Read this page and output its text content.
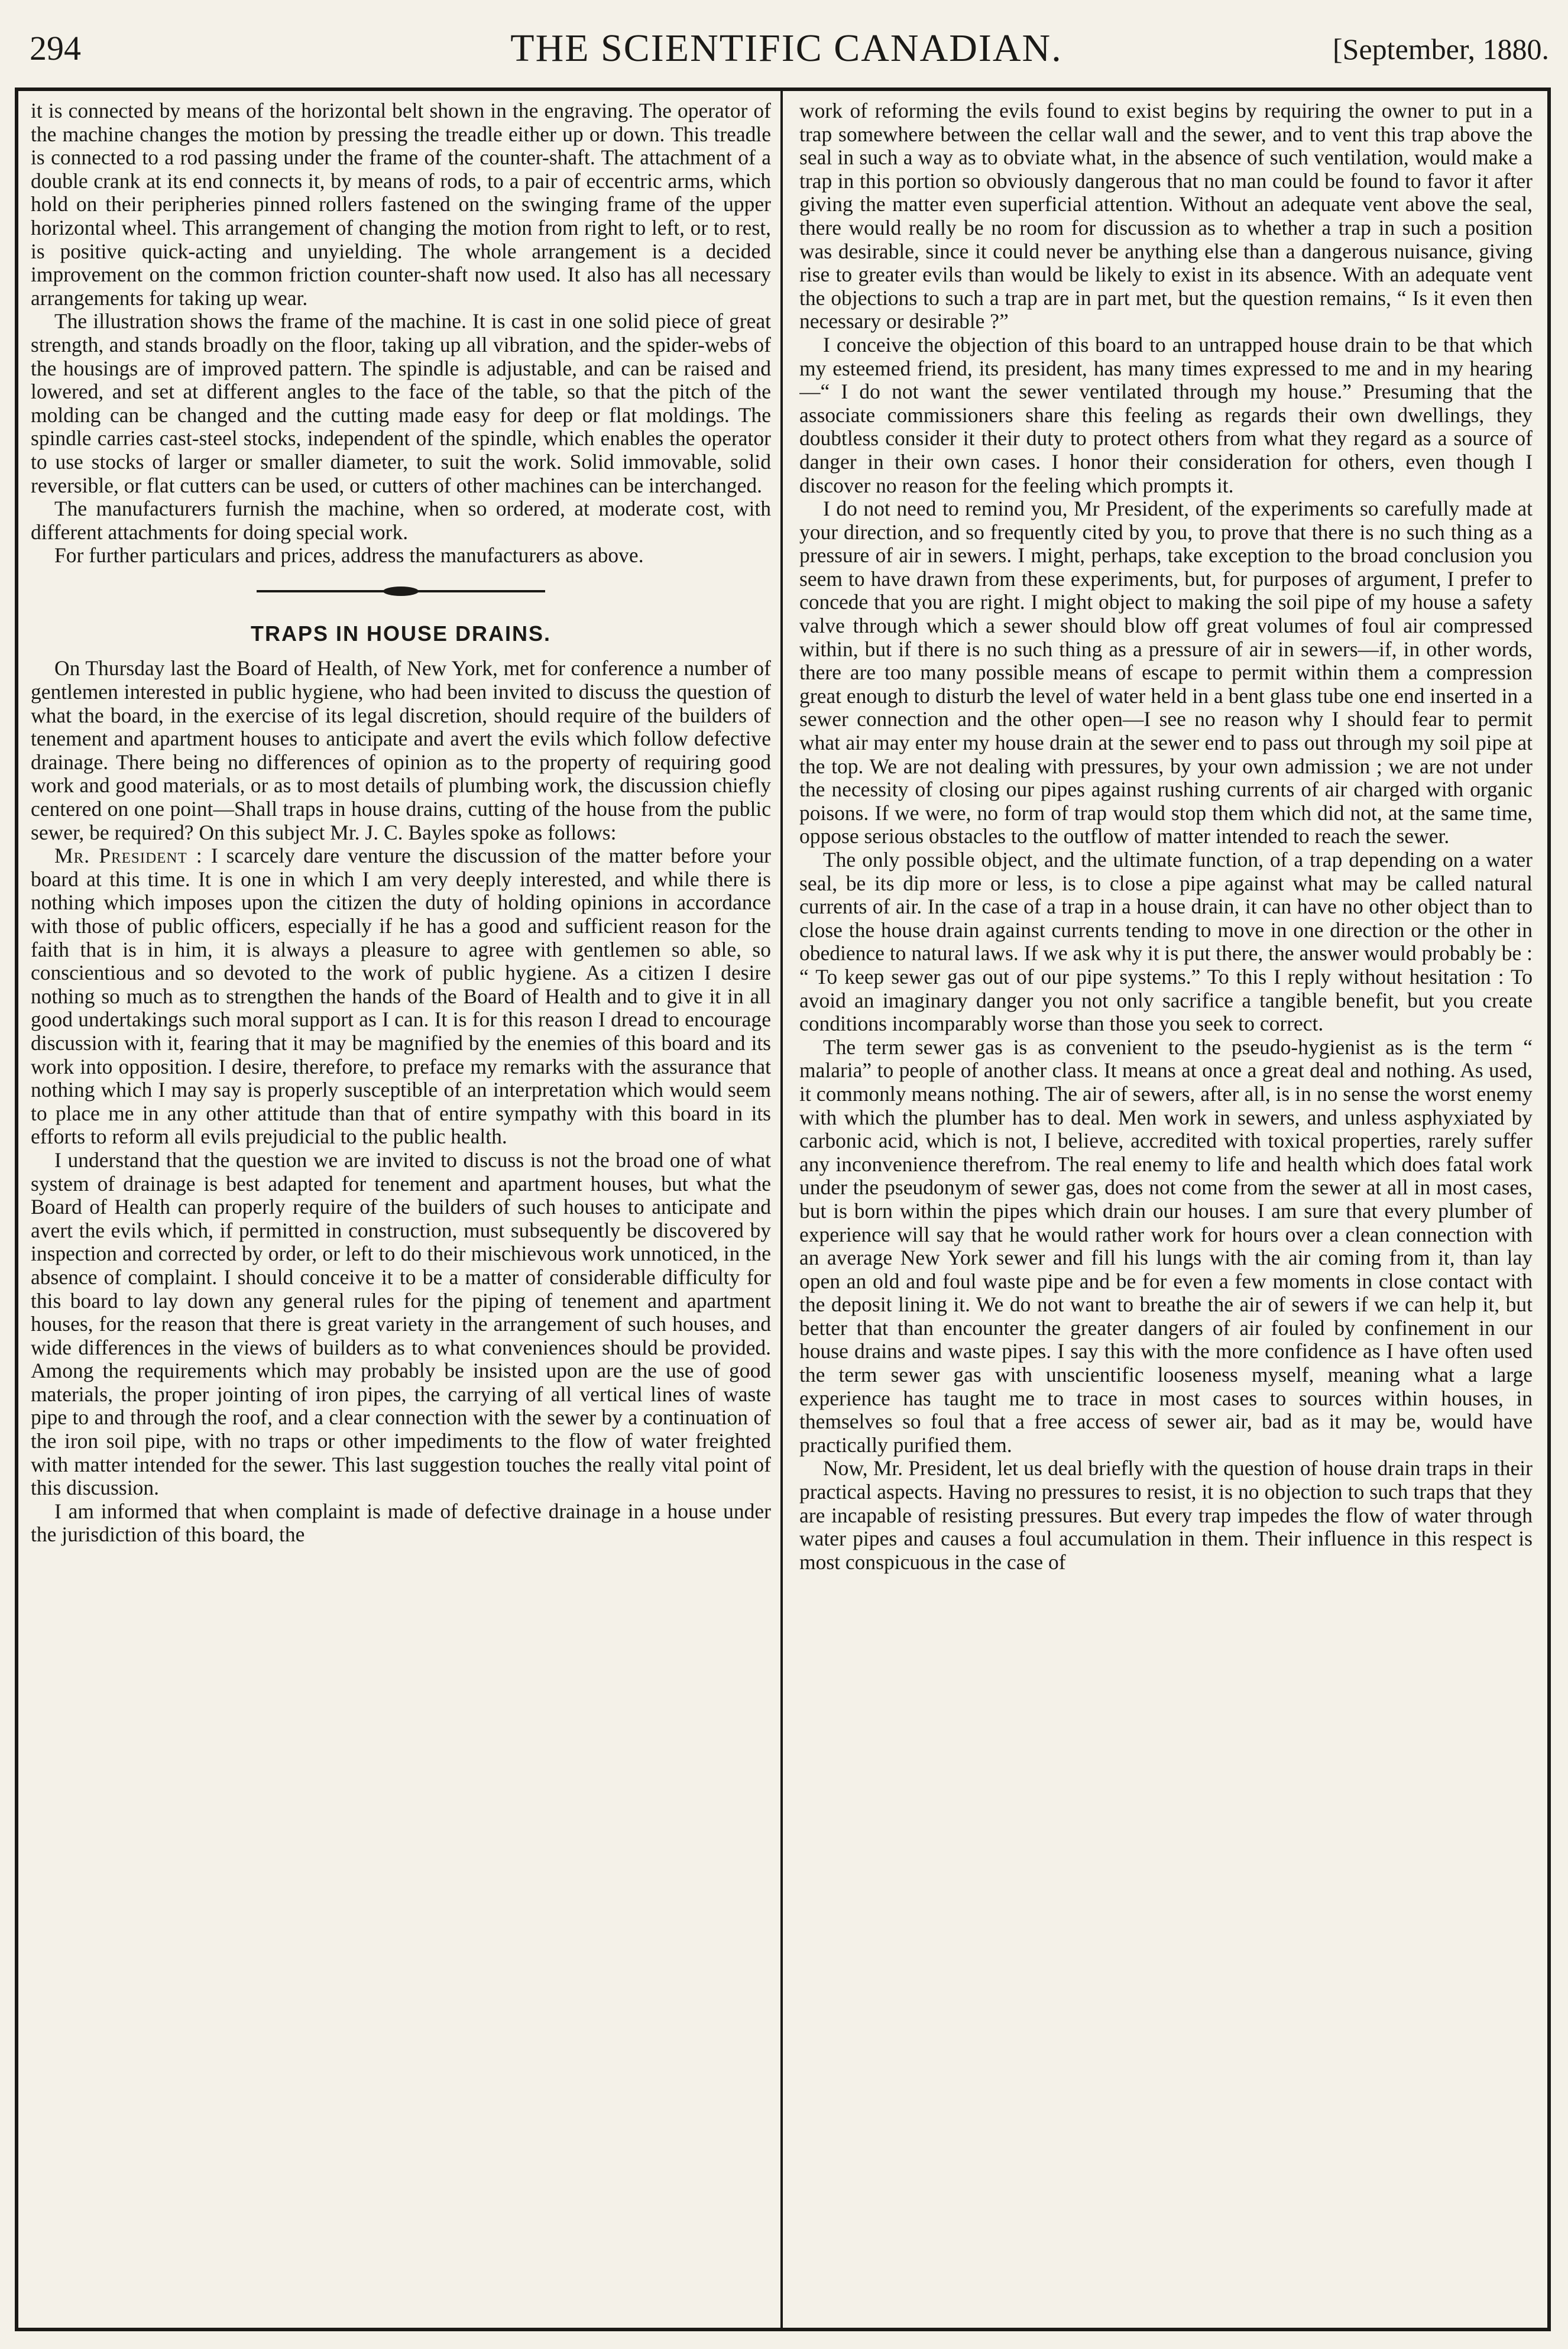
294	THE SCIENTIFIC CANADIAN.	[September, 1880.

it is connected by means of the horizontal belt shown in the engraving. The operator of the machine changes the motion by pressing the treadle either up or down. This treadle is connected to a rod passing under the frame of the counter-shaft. The attachment of a double crank at its end connects it, by means of rods, to a pair of eccentric arms, which hold on their peripheries pinned rollers fastened on the swinging frame of the upper horizontal wheel. This arrangement of changing the motion from right to left, or to rest, is positive quick-acting and unyielding. The whole arrangement is a decided improvement on the common friction counter-shaft now used. It also has all necessary arrangements for taking up wear.

The illustration shows the frame of the machine. It is cast in one solid piece of great strength, and stands broadly on the floor, taking up all vibration, and the spider-webs of the housings are of improved pattern. The spindle is adjustable, and can be raised and lowered, and set at different angles to the face of the table, so that the pitch of the molding can be changed and the cutting made easy for deep or flat moldings. The spindle carries cast-steel stocks, independent of the spindle, which enables the operator to use stocks of larger or smaller diameter, to suit the work. Solid immovable, solid reversible, or flat cutters can be used, or cutters of other machines can be interchanged.

The manufacturers furnish the machine, when so ordered, at moderate cost, with different attachments for doing special work.

For further particulars and prices, address the manufacturers as above.

TRAPS IN HOUSE DRAINS.

On Thursday last the Board of Health, of New York, met for conference a number of gentlemen interested in public hygiene, who had been invited to discuss the question of what the board, in the exercise of its legal discretion, should require of the builders of tenement and apartment houses to anticipate and avert the evils which follow defective drainage. There being no differences of opinion as to the property of requiring good work and good materials, or as to most details of plumbing work, the discussion chiefly centered on one point—Shall traps in house drains, cutting of the house from the public sewer, be required? On this subject Mr. J. C. Bayles spoke as follows:

Mr. President : I scarcely dare venture the discussion of the matter before your board at this time. It is one in which I am very deeply interested, and while there is nothing which imposes upon the citizen the duty of holding opinions in accordance with those of public officers, especially if he has a good and sufficient reason for the faith that is in him, it is always a pleasure to agree with gentlemen so able, so conscientious and so devoted to the work of public hygiene. As a citizen I desire nothing so much as to strengthen the hands of the Board of Health and to give it in all good undertakings such moral support as I can. It is for this reason I dread to encourage discussion with it, fearing that it may be magnified by the enemies of this board and its work into opposition. I desire, therefore, to preface my remarks with the assurance that nothing which I may say is properly susceptible of an interpretation which would seem to place me in any other attitude than that of entire sympathy with this board in its efforts to reform all evils prejudicial to the public health.

I understand that the question we are invited to discuss is not the broad one of what system of drainage is best adapted for tenement and apartment houses, but what the Board of Health can properly require of the builders of such houses to anticipate and avert the evils which, if permitted in construction, must subsequently be discovered by inspection and corrected by order, or left to do their mischievous work unnoticed, in the absence of complaint. I should conceive it to be a matter of considerable difficulty for this board to lay down any general rules for the piping of tenement and apartment houses, for the reason that there is great variety in the arrangement of such houses, and wide differences in the views of builders as to what conveniences should be provided. Among the requirements which may probably be insisted upon are the use of good materials, the proper jointing of iron pipes, the carrying of all vertical lines of waste pipe to and through the roof, and a clear connection with the sewer by a continuation of the iron soil pipe, with no traps or other impediments to the flow of water freighted with matter intended for the sewer. This last suggestion touches the really vital point of this discussion.

I am informed that when complaint is made of defective drainage in a house under the jurisdiction of this board, the

work of reforming the evils found to exist begins by requiring the owner to put in a trap somewhere between the cellar wall and the sewer, and to vent this trap above the seal in such a way as to obviate what, in the absence of such ventilation, would make a trap in this portion so obviously dangerous that no man could be found to favor it after giving the matter even superficial attention. Without an adequate vent above the seal, there would really be no room for discussion as to whether a trap in such a position was desirable, since it could never be anything else than a dangerous nuisance, giving rise to greater evils than would be likely to exist in its absence. With an adequate vent the objections to such a trap are in part met, but the question remains, “ Is it even then necessary or desirable ?”

I conceive the objection of this board to an untrapped house drain to be that which my esteemed friend, its president, has many times expressed to me and in my hearing—“ I do not want the sewer ventilated through my house.” Presuming that the associate commissioners share this feeling as regards their own dwellings, they doubtless consider it their duty to protect others from what they regard as a source of danger in their own cases. I honor their consideration for others, even though I discover no reason for the feeling which prompts it.

I do not need to remind you, Mr President, of the experiments so carefully made at your direction, and so frequently cited by you, to prove that there is no such thing as a pressure of air in sewers. I might, perhaps, take exception to the broad conclusion you seem to have drawn from these experiments, but, for purposes of argument, I prefer to concede that you are right. I might object to making the soil pipe of my house a safety valve through which a sewer should blow off great volumes of foul air compressed within, but if there is no such thing as a pressure of air in sewers—if, in other words, there are too many possible means of escape to permit within them a compression great enough to disturb the level of water held in a bent glass tube one end inserted in a sewer connection and the other open—I see no reason why I should fear to permit what air may enter my house drain at the sewer end to pass out through my soil pipe at the top. We are not dealing with pressures, by your own admission ; we are not under the necessity of closing our pipes against rushing currents of air charged with organic poisons. If we were, no form of trap would stop them which did not, at the same time, oppose serious obstacles to the outflow of matter intended to reach the sewer.

The only possible object, and the ultimate function, of a trap depending on a water seal, be its dip more or less, is to close a pipe against what may be called natural currents of air. In the case of a trap in a house drain, it can have no other object than to close the house drain against currents tending to move in one direction or the other in obedience to natural laws. If we ask why it is put there, the answer would probably be : “ To keep sewer gas out of our pipe systems.” To this I reply without hesitation : To avoid an imaginary danger you not only sacrifice a tangible benefit, but you create conditions incomparably worse than those you seek to correct.

The term sewer gas is as convenient to the pseudo-hygienist as is the term “ malaria” to people of another class. It means at once a great deal and nothing. As used, it commonly means nothing. The air of sewers, after all, is in no sense the worst enemy with which the plumber has to deal. Men work in sewers, and unless asphyxiated by carbonic acid, which is not, I believe, accredited with toxical properties, rarely suffer any inconvenience therefrom. The real enemy to life and health which does fatal work under the pseudonym of sewer gas, does not come from the sewer at all in most cases, but is born within the pipes which drain our houses. I am sure that every plumber of experience will say that he would rather work for hours over a clean connection with an average New York sewer and fill his lungs with the air coming from it, than lay open an old and foul waste pipe and be for even a few moments in close contact with the deposit lining it. We do not want to breathe the air of sewers if we can help it, but better that than encounter the greater dangers of air fouled by confinement in our house drains and waste pipes. I say this with the more confidence as I have often used the term sewer gas with unscientific looseness myself, meaning what a large experience has taught me to trace in most cases to sources within houses, in themselves so foul that a free access of sewer air, bad as it may be, would have practically purified them.

Now, Mr. President, let us deal briefly with the question of house drain traps in their practical aspects. Having no pressures to resist, it is no objection to such traps that they are incapable of resisting pressures. But every trap impedes the flow of water through water pipes and causes a foul accumulation in them. Their influence in this respect is most conspicuous in the case of
